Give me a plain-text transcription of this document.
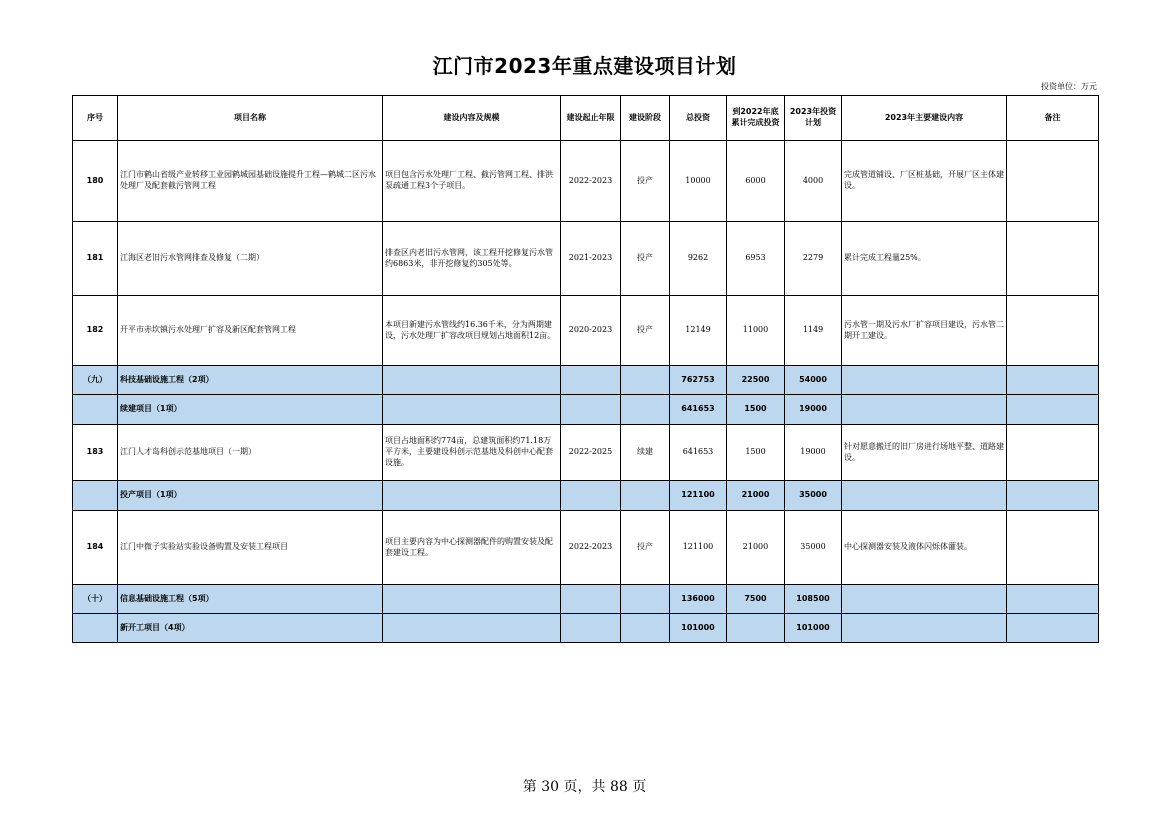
江门市2023年重点建设项目计划
投资单位：万元
序号	项目名称	建设内容及规模	建设起止年限	建设阶段	总投资	到2022年底累计完成投资	2023年投资计划	2023年主要建设内容	备注
180	江门市鹤山省级产业转移工业园鹤城园基础设施提升工程—鹤城二区污水处理厂及配套截污管网工程	项目包含污水处理厂工程、截污管网工程、排洪泵疏通工程3个子项目。	2022-2023	投产	10000	6000	4000	完成管道铺设、厂区桩基础，开展厂区主体建设。	
181	江海区老旧污水管网排查及修复（二期）	排查区内老旧污水管网，该工程开挖修复污水管约6863米，非开挖修复约305处等。	2021-2023	投产	9262	6953	2279	累计完成工程量25%。	
182	开平市赤坎镇污水处理厂扩容及新区配套管网工程	本项目新建污水管线约16.36千米，分为两期建设，污水处理厂扩容改项目规划占地面积12亩。	2020-2023	投产	12149	11000	1149	污水管一期及污水厂扩容项目建设，污水管二期开工建设。	
（九）	科技基础设施工程（2项）				762753	22500	54000		
	续建项目（1项）				641653	1500	19000		
183	江门人才岛科创示范基地项目（一期）	项目占地面积约774亩，总建筑面积约71.18万平方米，主要建设科创示范基地及科创中心配套设施。	2022-2025	续建	641653	1500	19000	针对愿意搬迁的旧厂房进行场地平整、道路建设。	
	投产项目（1项）				121100	21000	35000		
184	江门中微子实验站实验设备购置及安装工程项目	项目主要内容为中心探测器配件的购置安装及配套建设工程。	2022-2023	投产	121100	21000	35000	中心探测器安装及液体闪烁体灌装。	
（十）	信息基础设施工程（5项）				136000	7500	108500		
	新开工项目（4项）				101000		101000		
第 30 页，共 88 页
